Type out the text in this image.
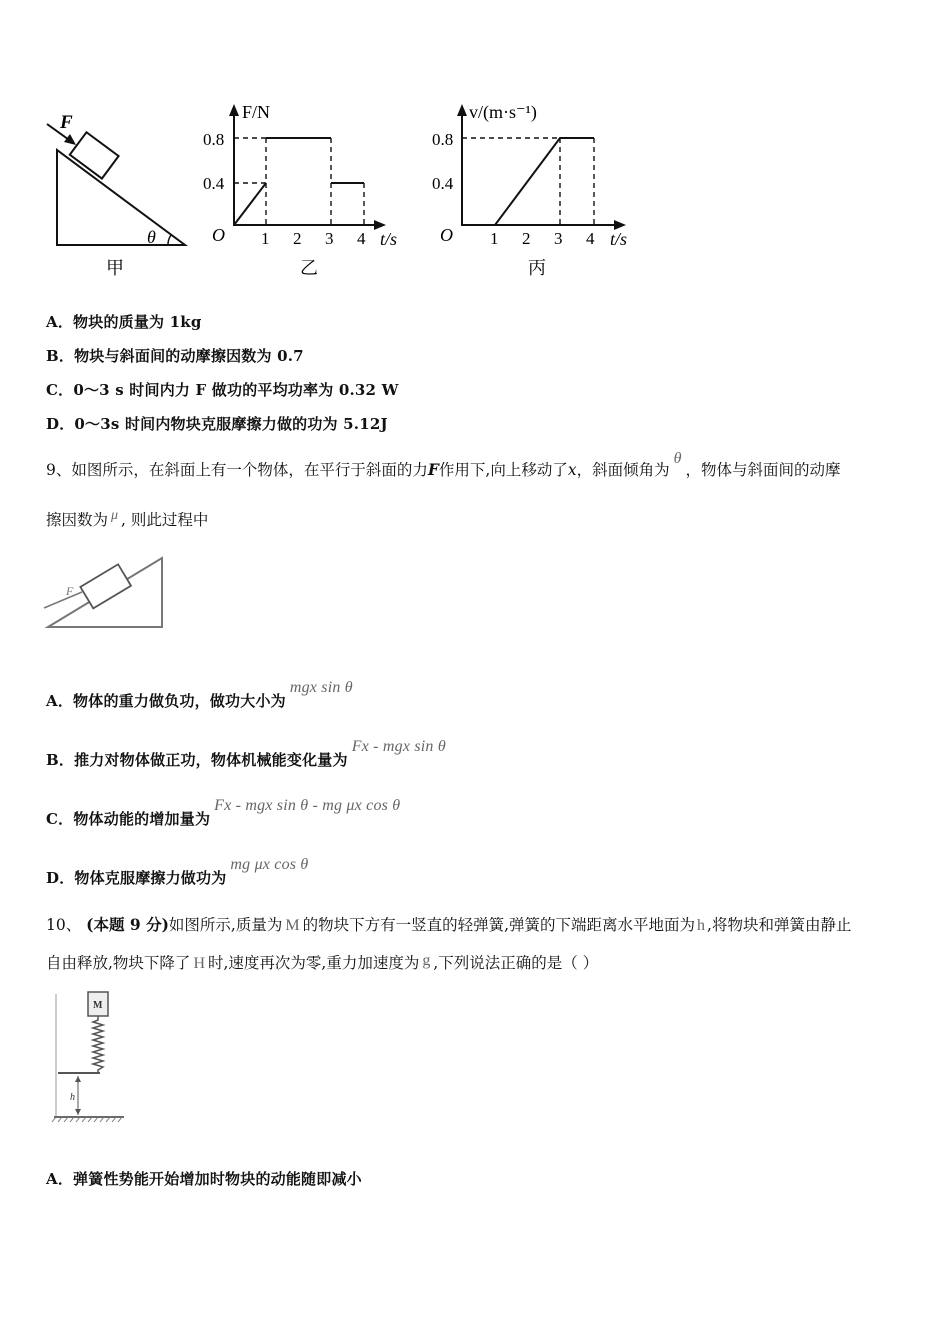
F
θ
甲
F/N
t/s
O
0.8
0.4
1 2 3 4
乙
v/(m·s⁻¹)
t/s
O
0.8
0.4
1 2 3 4
丙
A．物块的质量为 1kg
B．物块与斜面间的动摩擦因数为 0.7
C．0～3 s 时间内力 F 做功的平均功率为 0.32 W
D．0～3s 时间内物块克服摩擦力做的功为 5.12J
9、如图所示，在斜面上有一个物体，在平行于斜面的力F作用下,向上移动了x，斜面倾角为θ，物体与斜面间的动摩
擦因数为 μ , 则此过程中
F
A．物体的重力做负功，做功大小为mgx sin θ
B．推力对物体做正功，物体机械能变化量为Fx - mgx sin θ
C．物体动能的增加量为Fx - mgx sin θ - mg μx cos θ
D．物体克服摩擦力做功为mg μx cos θ
10、 (本题 9 分)如图所示,质量为 M 的物块下方有一竖直的轻弹簧,弹簧的下端距离水平地面为 h ,将物块和弹簧由静止
自由释放,物块下降了 H 时,速度再次为零,重力加速度为 g ,下列说法正确的是（ ）
M
h
A．弹簧性势能开始增加时物块的动能随即减小
